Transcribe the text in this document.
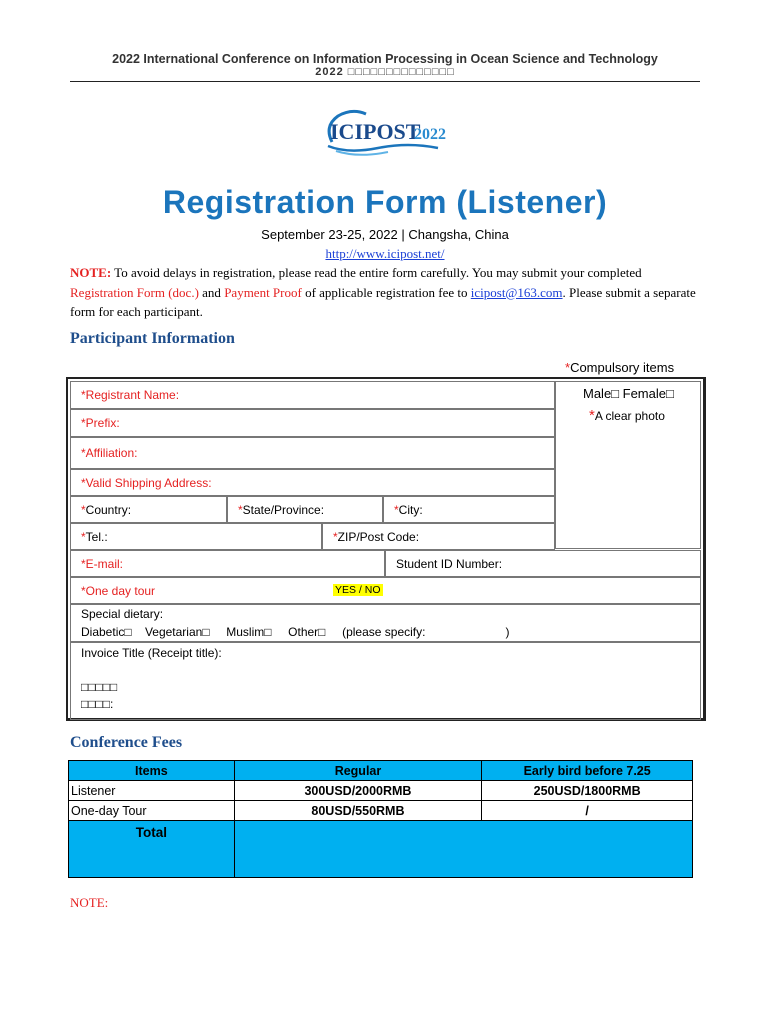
2022 International Conference on Information Processing in Ocean Science and Technology
2022 □□□□□□□□□□□□□□
ICIPOST
2022
Registration Form (Listener)
September 23-25, 2022 | Changsha, China
http://www.icipost.net/
NOTE: To avoid delays in registration, please read the entire form carefully. You may submit your completed Registration Form (doc.) and Payment Proof of applicable registration fee to icipost@163.com. Please submit a separate form for each participant.
Participant Information
*Compulsory items
*Registrant Name:	Male□ Female□
*A clear photo
*Prefix:
*Affiliation:
*Valid Shipping Address:
* Country:	* State/Province:	* City:
* Tel.:	* ZIP/Post Code:
*E-mail:	Student ID Number:
*One day tour	YES / NO
Special dietary:
Diabetic□    Vegetarian□     Muslim□     Other□     (please specify:                        )
Invoice Title (Receipt title):
□□□□□
□□□□:
Conference Fees
Items	Regular	Early bird before 7.25
Listener	300USD/2000RMB	250USD/1800RMB
One-day Tour	80USD/550RMB	/
Total		
NOTE:
